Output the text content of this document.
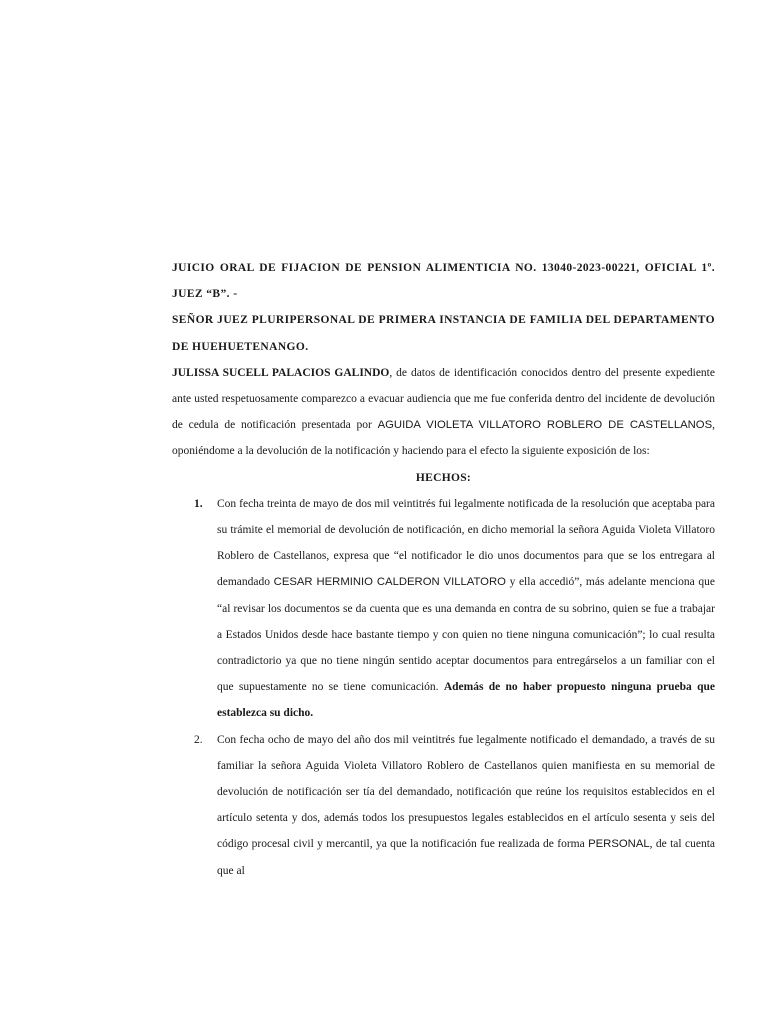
JUICIO ORAL DE FIJACION DE PENSION ALIMENTICIA NO. 13040-2023-00221, OFICIAL 1º. JUEZ “B”. -

SEÑOR JUEZ PLURIPERSONAL DE PRIMERA INSTANCIA DE FAMILIA DEL DEPARTAMENTO DE HUEHUETENANGO.

JULISSA SUCELL PALACIOS GALINDO, de datos de identificación conocidos dentro del presente expediente ante usted respetuosamente comparezco a evacuar audiencia que me fue conferida dentro del incidente de devolución de cedula de notificación presentada por AGUIDA VIOLETA VILLATORO ROBLERO DE CASTELLANOS, oponiéndome a la devolución de la notificación y haciendo para el efecto la siguiente exposición de los:

HECHOS:

1. Con fecha treinta de mayo de dos mil veintitrés fui legalmente notificada de la resolución que aceptaba para su trámite el memorial de devolución de notificación, en dicho memorial la señora Aguida Violeta Villatoro Roblero de Castellanos, expresa que “el notificador le dio unos documentos para que se los entregara al demandado CESAR HERMINIO CALDERON VILLATORO y ella accedió”, más adelante menciona que “al revisar los documentos se da cuenta que es una demanda en contra de su sobrino, quien se fue a trabajar a Estados Unidos desde hace bastante tiempo y con quien no tiene ninguna comunicación”; lo cual resulta contradictorio ya que no tiene ningún sentido aceptar documentos para entregárselos a un familiar con el que supuestamente no se tiene comunicación. Además de no haber propuesto ninguna prueba que establezca su dicho.
2. Con fecha ocho de mayo del año dos mil veintitrés fue legalmente notificado el demandado, a través de su familiar la señora Aguida Violeta Villatoro Roblero de Castellanos quien manifiesta en su memorial de devolución de notificación ser tía del demandado, notificación que reúne los requisitos establecidos en el artículo setenta y dos, además todos los presupuestos legales establecidos en el artículo sesenta y seis del código procesal civil y mercantil, ya que la notificación fue realizada de forma PERSONAL, de tal cuenta que al
